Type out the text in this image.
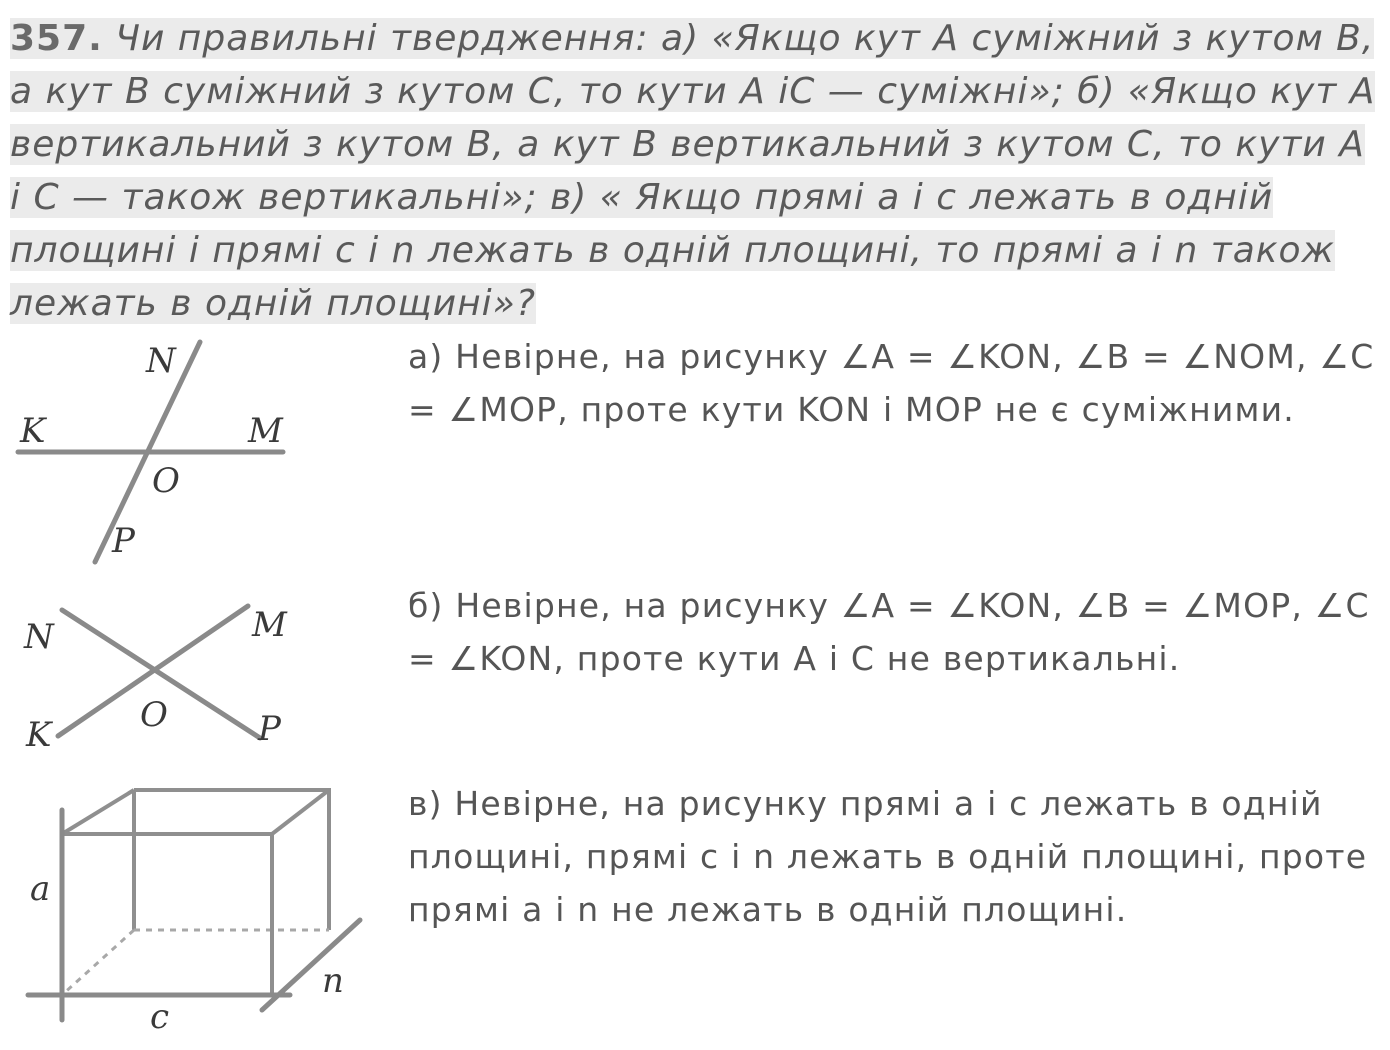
357. Чи правильні твердження: а) «Якщо кут А суміжний з кутом В, а кут В суміжний з кутом С, то кути А іС — суміжні»; б) «Якщо кут А вертикальний з кутом В, а кут В вертикальний з кутом С, то кути А і С — також вертикальні»; в) « Якщо прямі а і с лежать в одній площині і прямі с і n лежать в одній площині, то прямі а і n також лежать в одній площині»?
N
K	M
O
P
N	M
O
K	P
a
c
n
а) Невірне, на рисунку ∠A = ∠KON, ∠B = ∠NOM, ∠C = ∠MOP, проте кути KON і MOP не є суміжними.
б) Невірне, на рисунку ∠A = ∠KON, ∠B = ∠MOP, ∠C = ∠KON, проте кути A і C не вертикальні.
в) Невірне, на рисунку прямі a і c лежать в одній площині, прямі c і n лежать в одній площині, проте прямі a і n не лежать в одній площині.
